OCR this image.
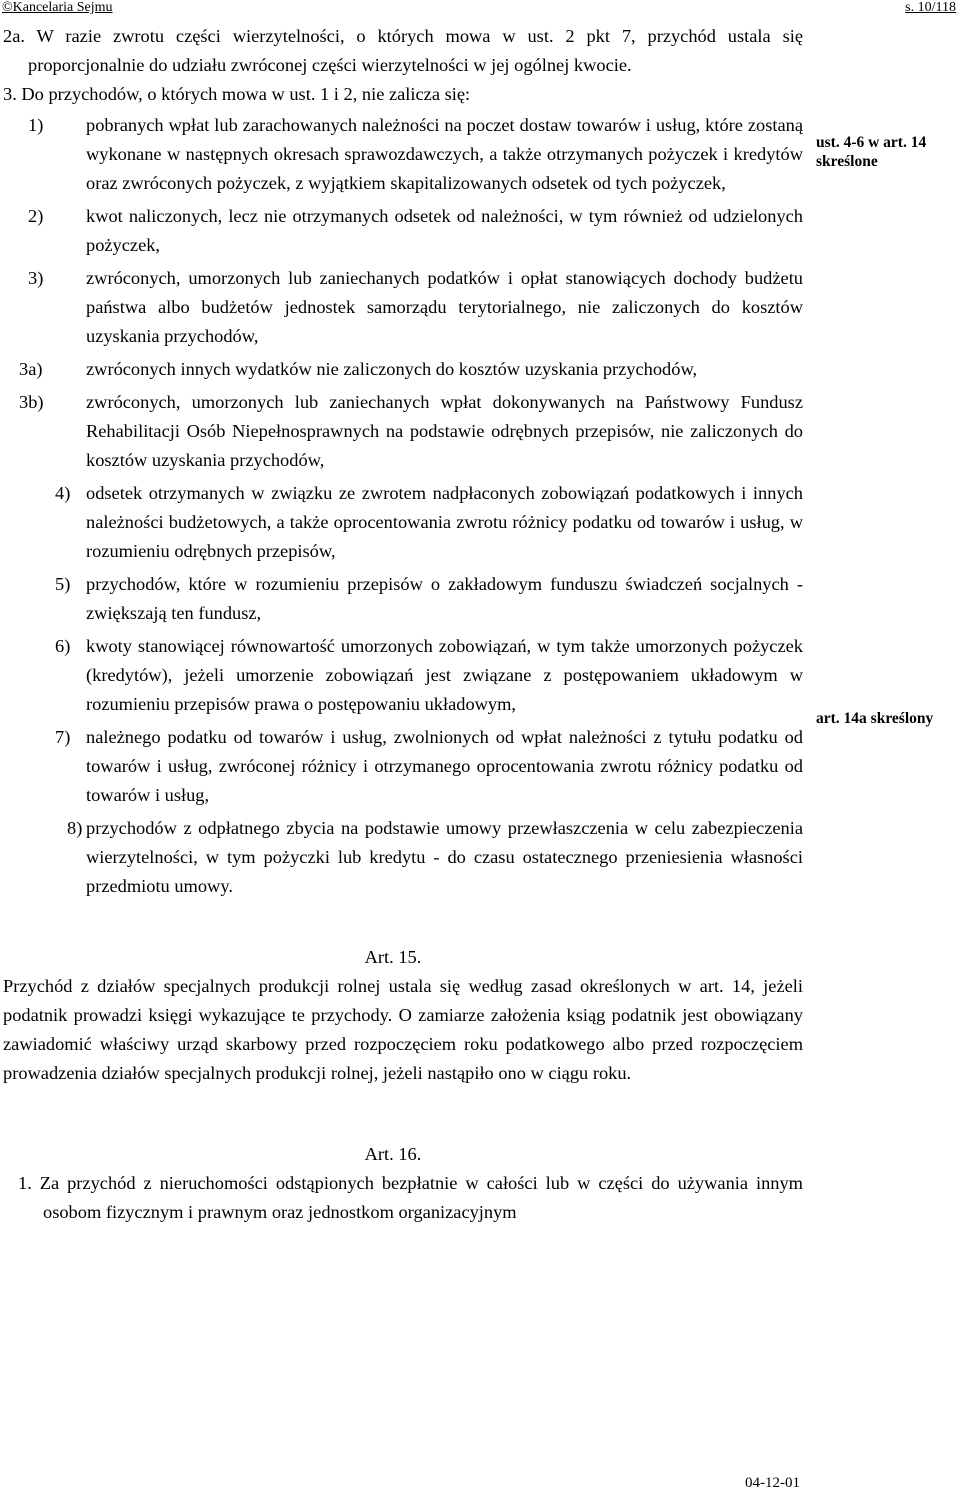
©Kancelaria Sejmu	s. 10/118

2a. W razie zwrotu części wierzytelności, o których mowa w ust. 2 pkt 7, przychód ustala się proporcjonalnie do udziału zwróconej części wierzytelności w jej ogólnej kwocie.

3. Do przychodów, o których mowa w ust. 1 i 2, nie zalicza się:

1) pobranych wpłat lub zarachowanych należności na poczet dostaw towarów i usług, które zostaną wykonane w następnych okresach sprawozdawczych, a także otrzymanych pożyczek i kredytów oraz zwróconych pożyczek, z wyjątkiem skapitalizowanych odsetek od tych pożyczek,
2) kwot naliczonych, lecz nie otrzymanych odsetek od należności, w tym również od udzielonych pożyczek,
3) zwróconych, umorzonych lub zaniechanych podatków i opłat stanowiących dochody budżetu państwa albo budżetów jednostek samorządu terytorialnego, nie zaliczonych do kosztów uzyskania przychodów,
3a) zwróconych innych wydatków nie zaliczonych do kosztów uzyskania przychodów,
3b) zwróconych, umorzonych lub zaniechanych wpłat dokonywanych na Państwowy Fundusz Rehabilitacji Osób Niepełnosprawnych na podstawie odrębnych przepisów, nie zaliczonych do kosztów uzyskania przychodów,
4) odsetek otrzymanych w związku ze zwrotem nadpłaconych zobowiązań podatkowych i innych należności budżetowych, a także oprocentowania zwrotu różnicy podatku od towarów i usług, w rozumieniu odrębnych przepisów,
5) przychodów, które w rozumieniu przepisów o zakładowym funduszu świadczeń socjalnych - zwiększają ten fundusz,
6) kwoty stanowiącej równowartość umorzonych zobowiązań, w tym także umorzonych pożyczek (kredytów), jeżeli umorzenie zobowiązań jest związane z postępowaniem układowym w rozumieniu przepisów prawa o postępowaniu układowym,
7) należnego podatku od towarów i usług, zwolnionych od wpłat należności z tytułu podatku od towarów i usług, zwróconej różnicy i otrzymanego oprocentowania zwrotu różnicy podatku od towarów i usług,
8) przychodów z odpłatnego zbycia na podstawie umowy przewłaszczenia w celu zabezpieczenia wierzytelności, w tym pożyczki lub kredytu - do czasu ostatecznego przeniesienia własności przedmiotu umowy.

Art. 15.

Przychód z działów specjalnych produkcji rolnej ustala się według zasad określonych w art. 14, jeżeli podatnik prowadzi księgi wykazujące te przychody. O zamiarze założenia ksiąg podatnik jest obowiązany zawiadomić właściwy urząd skarbowy przed rozpoczęciem roku podatkowego albo przed rozpoczęciem prowadzenia działów specjalnych produkcji rolnej, jeżeli nastąpiło ono w ciągu roku.

Art. 16.

1. Za przychód z nieruchomości odstąpionych bezpłatnie w całości lub w części do używania innym osobom fizycznym i prawnym oraz jednostkom organizacyjnym

ust. 4-6 w art. 14
skreślone
art. 14a skreślony
04-12-01
